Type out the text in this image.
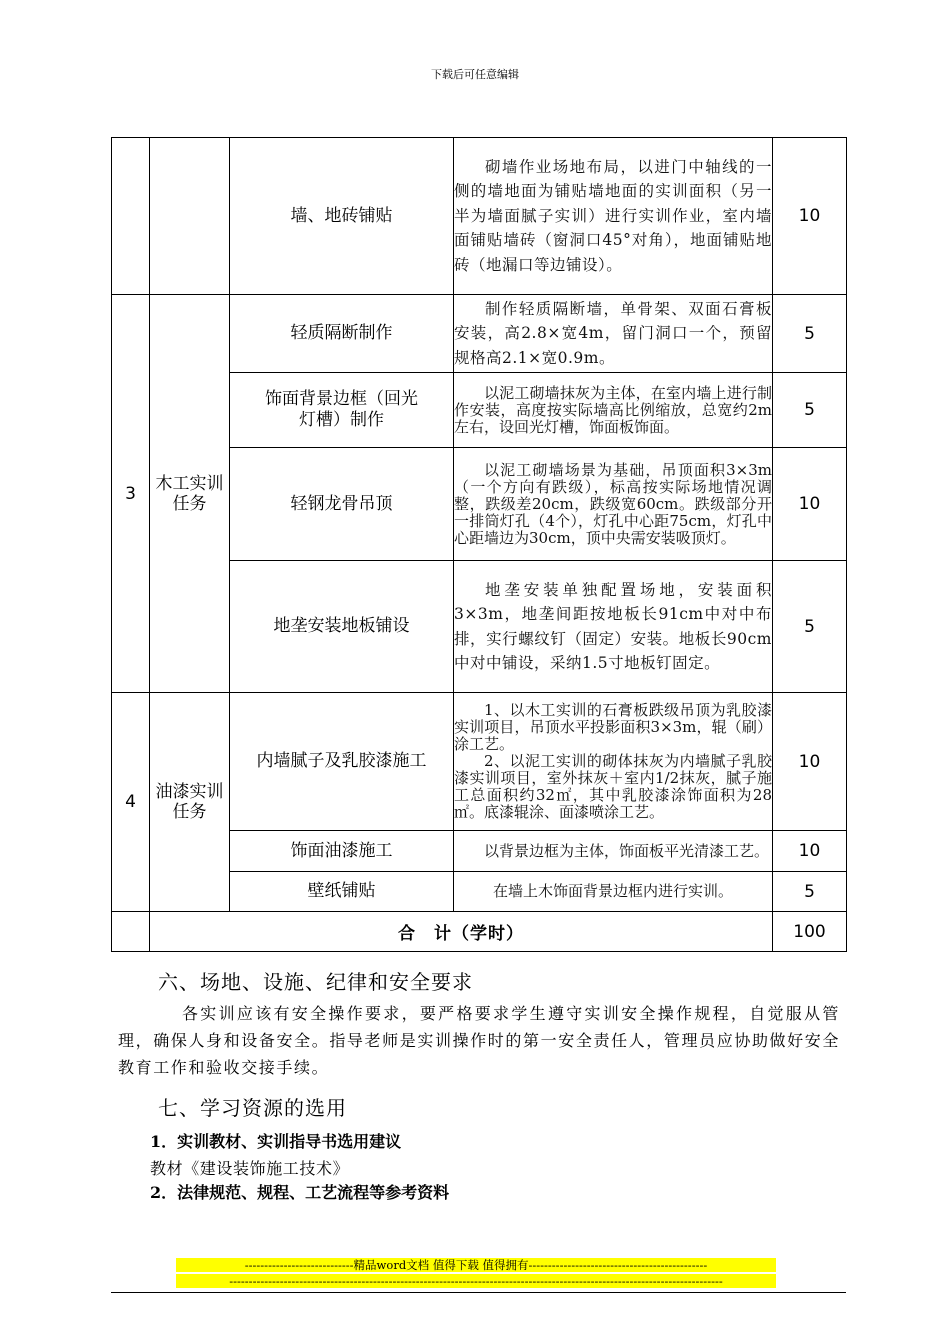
下载后可任意编辑
		墙、地砖铺贴	砌墙作业场地布局，以进门中轴线的一侧的墙地面为铺贴墙地面的实训面积（另一半为墙面腻子实训）进行实训作业，室内墙面铺贴墙砖（窗洞口45°对角），地面铺贴地砖（地漏口等边铺设）。	10
3	木工实训任务	轻质隔断制作	制作轻质隔断墙，单骨架、双面石膏板安装，高2.8×宽4m，留门洞口一个，预留规格高2.1×宽0.9m。	5

		饰面背景边框（回光灯槽）制作	以泥工砌墙抹灰为主体，在室内墙上进行制作安装，高度按实际墙高比例缩放，总宽约2m左右，设回光灯槽，饰面板饰面。	5
		轻钢龙骨吊顶	以泥工砌墙场景为基础，吊顶面积3×3m（一个方向有跌级），标高按实际场地情况调整，跌级差20cm，跌级宽60cm。跌级部分开一排筒灯孔（4个），灯孔中心距75cm，灯孔中心距墙边为30cm，顶中央需安装吸顶灯。	10
		地垄安装地板铺设	地垄安装单独配置场地，安装面积3×3m，地垄间距按地板长91cm中对中布排，实行螺纹钉（固定）安装。地板长90cm中对中铺设，采纳1.5寸地板钉固定。	5
4	油漆实训任务	内墙腻子及乳胶漆施工	1、以木工实训的石膏板跌级吊顶为乳胶漆实训项目，吊顶水平投影面积3×3m，辊（刷）涂工艺。

2、以泥工实训的砌体抹灰为内墙腻子乳胶漆实训项目，室外抹灰＋室内1/2抹灰，腻子施工总面积约32㎡，其中乳胶漆涂饰面积为28㎡。底漆辊涂、面漆喷涂工艺。	10
		饰面油漆施工	以背景边框为主体，饰面板平光清漆工艺。	10
		壁纸铺贴	在墙上木饰面背景边框内进行实训。	5
	合　计（学时）			100
六、场地、设施、纪律和安全要求

各实训应该有安全操作要求，要严格要求学生遵守实训安全操作规程，自觉服从管理，确保人身和设备安全。指导老师是实训操作时的第一安全责任人，管理员应协助做好安全教育工作和验收交接手续。

七、学习资源的选用

1．实训教材、实训指导书选用建议

教材《建设装饰施工技术》

2．法律规范、规程、工艺流程等参考资料

----------------------------精品word文档 值得下载 值得拥有----------------------------------------------
-------------------------------------------------------------------------------------------------------------------------------
